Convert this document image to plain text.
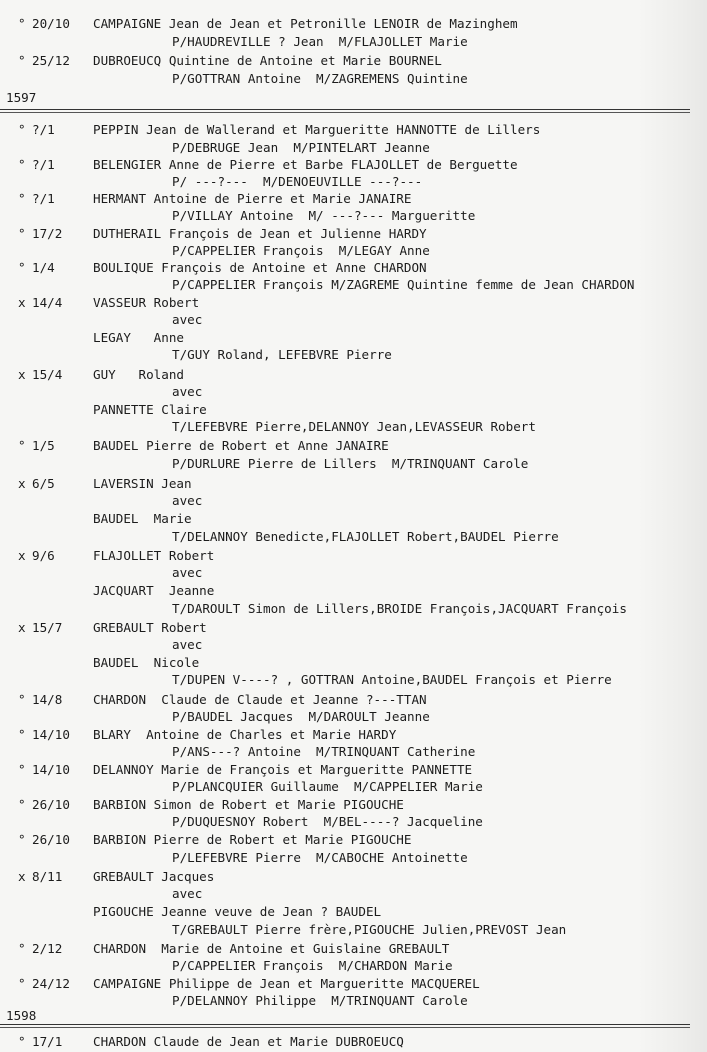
° 20/10 CAMPAIGNE Jean de Jean et Petronille LENOIR de Mazinghem
P/HAUDREVILLE ? Jean  M/FLAJOLLET Marie
° 25/12 DUBROEUCQ Quintine de Antoine et Marie BOURNEL
P/GOTTRAN Antoine  M/ZAGREMENS Quintine
1597
° ?/1	PEPPIN Jean de Wallerand et Margueritte HANNOTTE de Lillers
P/DEBRUGE Jean  M/PINTELART Jeanne
° ?/1	BELENGIER Anne de Pierre et Barbe FLAJOLLET de Berguette
P/ ---?---  M/DENOEUVILLE ---?---
° ?/1	HERMANT Antoine de Pierre et Marie JANAIRE
P/VILLAY Antoine  M/ ---?--- Margueritte
° 17/2 DUTHERAIL François de Jean et Julienne HARDY
P/CAPPELIER François  M/LEGAY Anne
° 1/4	BOULIQUE François de Antoine et Anne CHARDON
P/CAPPELIER François M/ZAGREME Quintine femme de Jean CHARDON
x 14/4 VASSEUR Robert
avec
LEGAY   Anne
T/GUY Roland, LEFEBVRE Pierre
x 15/4 GUY   Roland
avec
PANNETTE Claire
T/LEFEBVRE Pierre,DELANNOY Jean,LEVASSEUR Robert
° 1/5	BAUDEL Pierre de Robert et Anne JANAIRE
P/DURLURE Pierre de Lillers  M/TRINQUANT Carole
x 6/5	LAVERSIN Jean
avec
BAUDEL  Marie
T/DELANNOY Benedicte,FLAJOLLET Robert,BAUDEL Pierre
x 9/6	FLAJOLLET Robert
avec
JACQUART  Jeanne
T/DAROULT Simon de Lillers,BROIDE François,JACQUART François
x 15/7 GREBAULT Robert
avec
BAUDEL  Nicole
T/DUPEN V----? , GOTTRAN Antoine,BAUDEL François et Pierre
° 14/8 CHARDON  Claude de Claude et Jeanne ?---TTAN
P/BAUDEL Jacques  M/DAROULT Jeanne
° 14/10 BLARY  Antoine de Charles et Marie HARDY
P/ANS---? Antoine  M/TRINQUANT Catherine
° 14/10 DELANNOY Marie de François et Margueritte PANNETTE
P/PLANCQUIER Guillaume  M/CAPPELIER Marie
° 26/10 BARBION Simon de Robert et Marie PIGOUCHE
P/DUQUESNOY Robert  M/BEL----? Jacqueline
° 26/10 BARBION Pierre de Robert et Marie PIGOUCHE
P/LEFEBVRE Pierre  M/CABOCHE Antoinette
x 8/11 GREBAULT Jacques
avec
PIGOUCHE Jeanne veuve de Jean ? BAUDEL
T/GREBAULT Pierre frère,PIGOUCHE Julien,PREVOST Jean
° 2/12 CHARDON  Marie de Antoine et Guislaine GREBAULT
P/CAPPELIER François  M/CHARDON Marie
° 24/12 CAMPAIGNE Philippe de Jean et Margueritte MACQUEREL
P/DELANNOY Philippe  M/TRINQUANT Carole
1598
° 17/1 CHARDON Claude de Jean et Marie DUBROEUCQ
